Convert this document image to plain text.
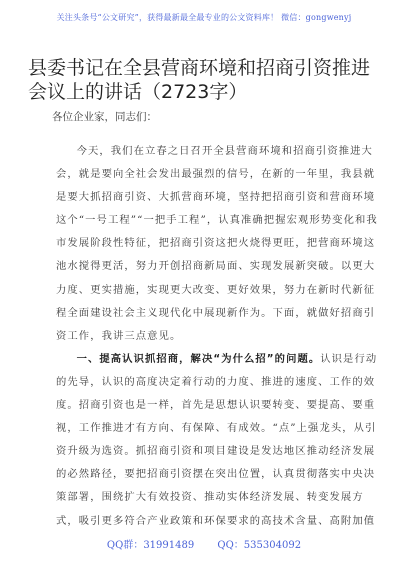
关注头条号“公文研究”，获得最新最全最专业的公文资料库！ 微信：gongwenyj
县委书记在全县营商环境和招商引资推进会议上的讲话（2723字）
各位企业家，同志们：

今天，我们在立春之日召开全县营商环境和招商引资推进大会，就是要向全社会发出最强烈的信号，在新的一年里，我县就是要大抓招商引资、大抓营商环境，坚持把招商引资和营商环境这个“一号工程”“一把手工程”，认真准确把握宏观形势变化和我市发展阶段性特征，把招商引资这把火烧得更旺，把营商环境这池水搅得更活，努力开创招商新局面、实现发展新突破。以更大力度、更实措施，实现更大改变、更好效果，努力在新时代新征程全面建设社会主义现代化中展现新作为。下面，就做好招商引资工作，我讲三点意见。

一、提高认识抓招商，解决“为什么招”的问题。认识是行动的先导，认识的高度决定着行动的力度、推进的速度、工作的效度。招商引资也是一样，首先是思想认识要转变、要提高、要重视，工作推进才有方向、有保障、有成效。“点”上强龙头，从引资升级为选资。抓招商引资和项目建设是发达地区推动经济发展的必然路径，要把招商引资摆在突出位置，认真贯彻落实中央决策部署，围绕扩大有效投资、推动实体经济发展、转变发展方式，吸引更多符合产业政策和环保要求的高技术含量、高附加值

QQ群：31991489 QQ：535304092
